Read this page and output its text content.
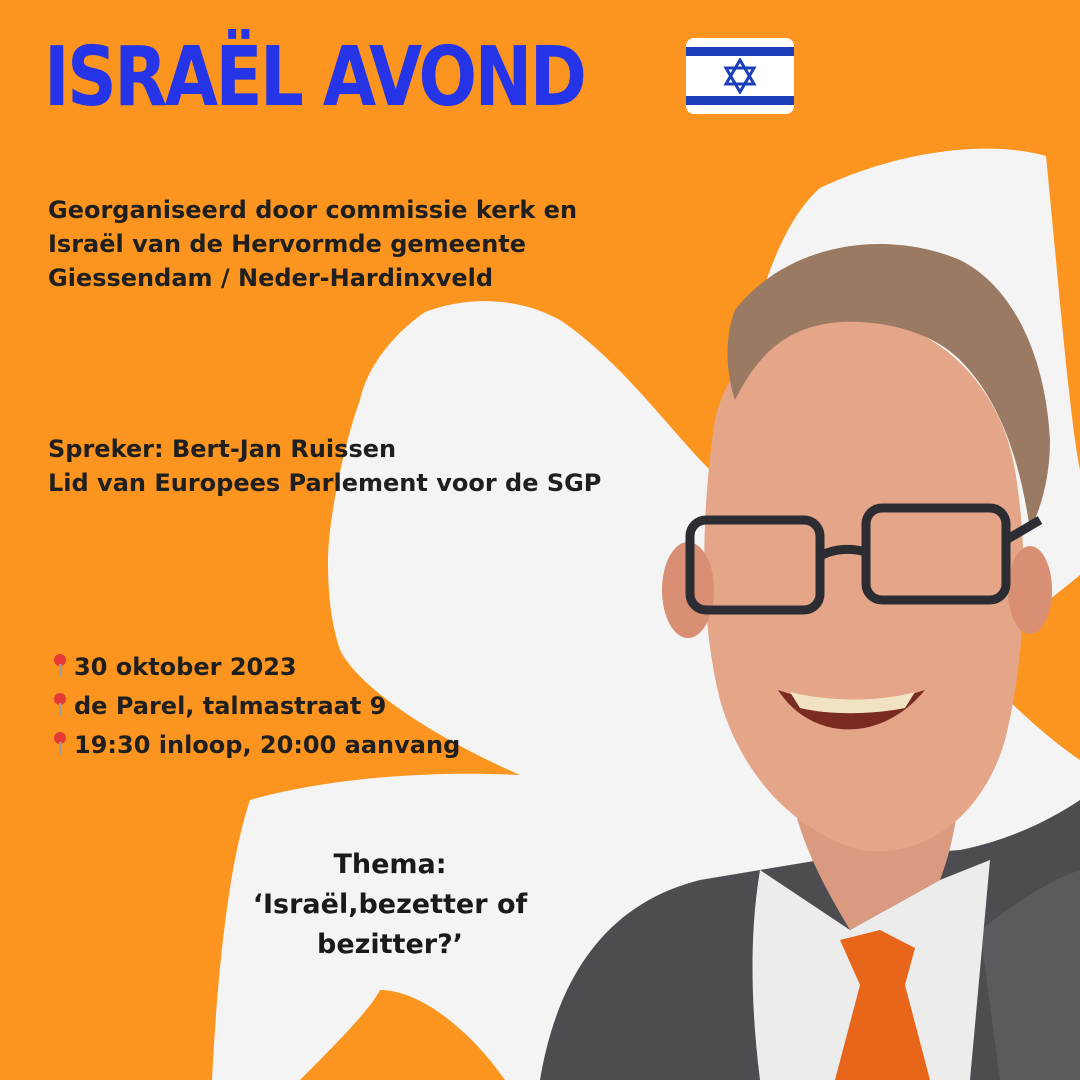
ISRAËL AVOND
Georganiseerd door commissie kerk en
Israël van de Hervormde gemeente
Giessendam / Neder-Hardinxveld
Spreker: Bert-Jan Ruissen
Lid van Europees Parlement voor de SGP
30 oktober 2023
de Parel, talmastraat 9
19:30 inloop, 20:00 aanvang
Thema:
‘Israël,bezetter of
bezitter?’
